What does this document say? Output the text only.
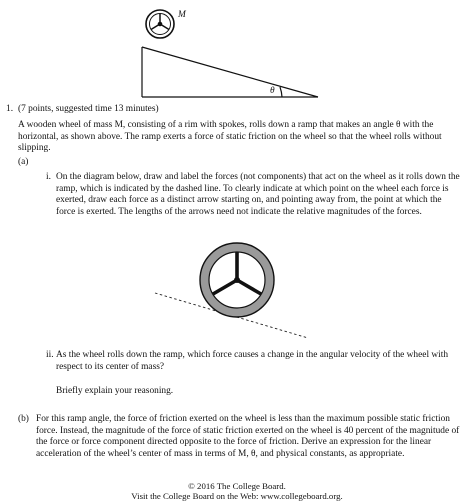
M
θ
1. (7 points, suggested time 13 minutes)
A wooden wheel of mass M, consisting of a rim with spokes, rolls down a ramp that makes an angle θ with the horizontal, as shown above. The ramp exerts a force of static friction on the wheel so that the wheel rolls without slipping.
(a)
i. On the diagram below, draw and label the forces (not components) that act on the wheel as it rolls down the ramp, which is indicated by the dashed line. To clearly indicate at which point on the wheel each force is exerted, draw each force as a distinct arrow starting on, and pointing away from, the point at which the force is exerted. The lengths of the arrows need not indicate the relative magnitudes of the forces.
ii. As the wheel rolls down the ramp, which force causes a change in the angular velocity of the wheel with respect to its center of mass?
Briefly explain your reasoning.
(b) For this ramp angle, the force of friction exerted on the wheel is less than the maximum possible static friction force. Instead, the magnitude of the force of static friction exerted on the wheel is 40 percent of the magnitude of the force or force component directed opposite to the force of friction. Derive an expression for the linear acceleration of the wheel’s center of mass in terms of M, θ, and physical constants, as appropriate.
© 2016 The College Board.
Visit the College Board on the Web: www.collegeboard.org.
